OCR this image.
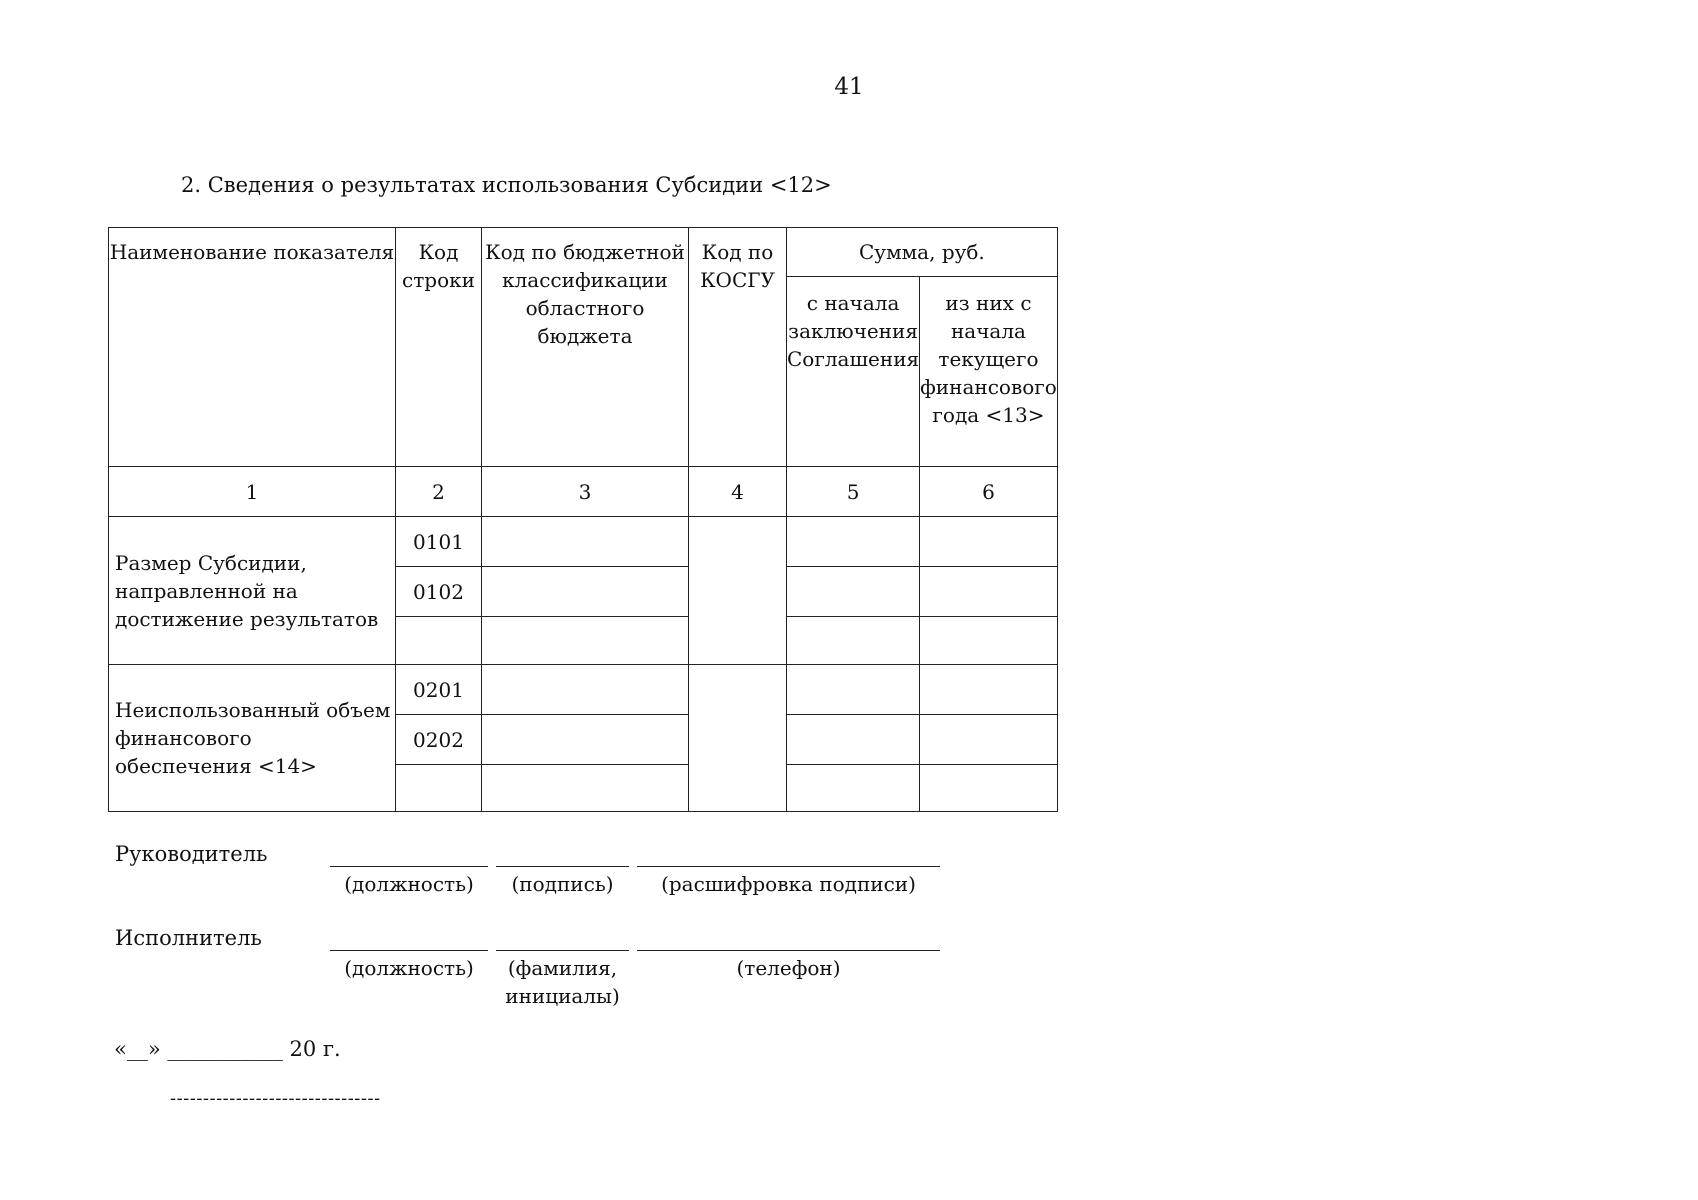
41
2. Сведения о результатах использования Субсидии <12>
Наименование показателя	Код строки	Код по бюджетной классификации областного бюджета	Код по КОСГУ	Сумма, руб.	
				с начала заключения Соглашения	из них с начала текущего финансового года <13>
1	2	3	4	5	6
Размер Субсидии, направленной на достижение результатов	0101				
	0102				

Неиспользованный объем финансового обеспечения <14>	0201				
	0202				

Руководитель
(должность)	(подпись)	(расшифровка подписи)
Исполнитель
(должность)	(фамилия, инициалы)
(телефон)
«__» ___________ 20 г.
--------------------------------
